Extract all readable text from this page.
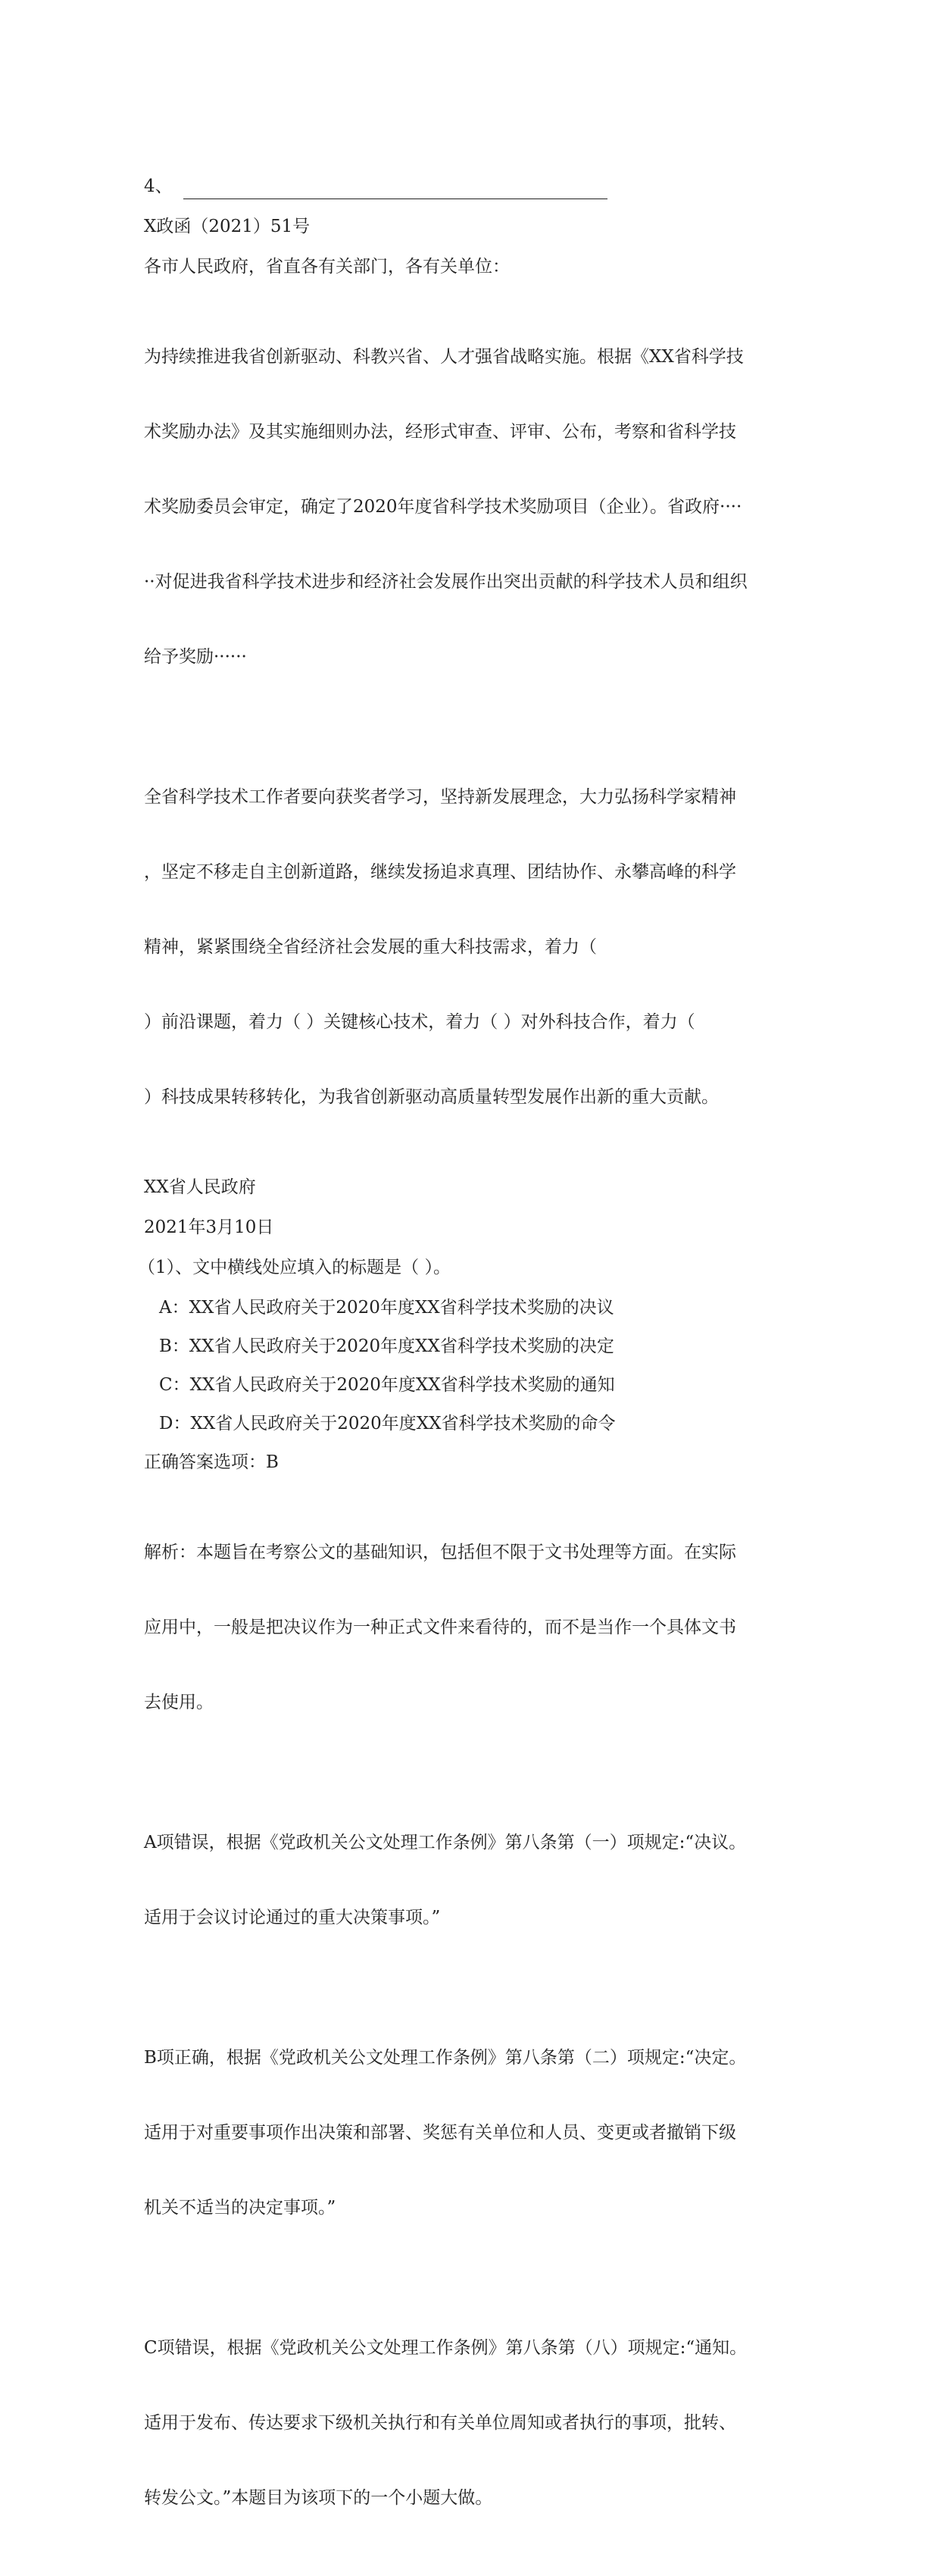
4、

X政函（2021）51号

各市人民政府，省直各有关部门，各有关单位：

为持续推进我省创新驱动、科教兴省、人才强省战略实施。根据《XX省科学技

术奖励办法》及其实施细则办法，经形式审查、评审、公布，考察和省科学技

术奖励委员会审定，确定了2020年度省科学技术奖励项目（企业）。省政府····

··对促进我省科学技术进步和经济社会发展作出突出贡献的科学技术人员和组织

给予奖励······

全省科学技术工作者要向获奖者学习，坚持新发展理念，大力弘扬科学家精神

，坚定不移走自主创新道路，继续发扬追求真理、团结协作、永攀高峰的科学

精神，紧紧围绕全省经济社会发展的重大科技需求，着力（

）前沿课题，着力（ ）关键核心技术，着力（ ）对外科技合作，着力（

）科技成果转移转化，为我省创新驱动高质量转型发展作出新的重大贡献。

XX省人民政府

2021年3月10日

（1）、文中横线处应填入的标题是（ ）。

A：XX省人民政府关于2020年度XX省科学技术奖励的决议

B：XX省人民政府关于2020年度XX省科学技术奖励的决定

C：XX省人民政府关于2020年度XX省科学技术奖励的通知

D：XX省人民政府关于2020年度XX省科学技术奖励的命令

正确答案选项：B

解析：本题旨在考察公文的基础知识，包括但不限于文书处理等方面。在实际

应用中，一般是把决议作为一种正式文件来看待的，而不是当作一个具体文书

去使用。

A项错误，根据《党政机关公文处理工作条例》第八条第（一）项规定:“决议。

适用于会议讨论通过的重大决策事项。”

B项正确，根据《党政机关公文处理工作条例》第八条第（二）项规定:“决定。

适用于对重要事项作出决策和部署、奖惩有关单位和人员、变更或者撤销下级

机关不适当的决定事项。”

C项错误，根据《党政机关公文处理工作条例》第八条第（八）项规定:“通知。

适用于发布、传达要求下级机关执行和有关单位周知或者执行的事项，批转、

转发公文。”本题目为该项下的一个小题大做。
